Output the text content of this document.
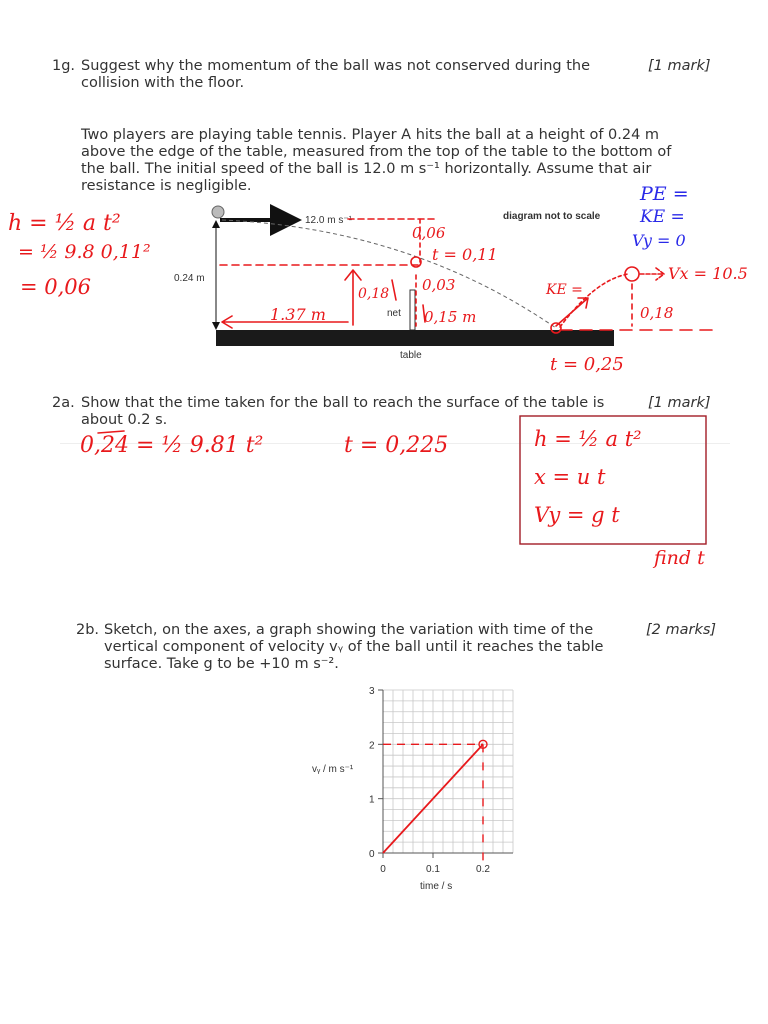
1g. Suggest why the momentum of the ball was not conserved during the
collision with the floor.
[1 mark]
Two players are playing table tennis. Player A hits the ball at a height of 0.24 m
above the edge of the table, measured from the top of the table to the bottom of
the ball. The initial speed of the ball is 12.0 m s⁻¹ horizontally. Assume that air
resistance is negligible.
2a. Show that the time taken for the ball to reach the surface of the table is
about 0.2 s.
[1 mark]
2b. Sketch, on the axes, a graph showing the variation with time of the
vertical component of velocity vᵧ of the ball until it reaches the table
surface. Take g to be +10 m s⁻².
[2 marks]
12.0 m s⁻¹	diagram not to scale
0.24 m
net
table
0
1
2
3
0	0.1	0.2
vᵧ / m s⁻¹
time / s
h = ½ a t²
= ½ 9.8 0,11²
= 0,06
0,06
t = 0,11
0,18 0,03
0,15 m
1.37 m
PE =
KE =
Vy = 0
Vx = 10.5
0,18
KE =
t = 0,25
0,24 = ½ 9.81 t²	t = 0,225	h = ½ a t²
x = u t
Vy = g t
find t
